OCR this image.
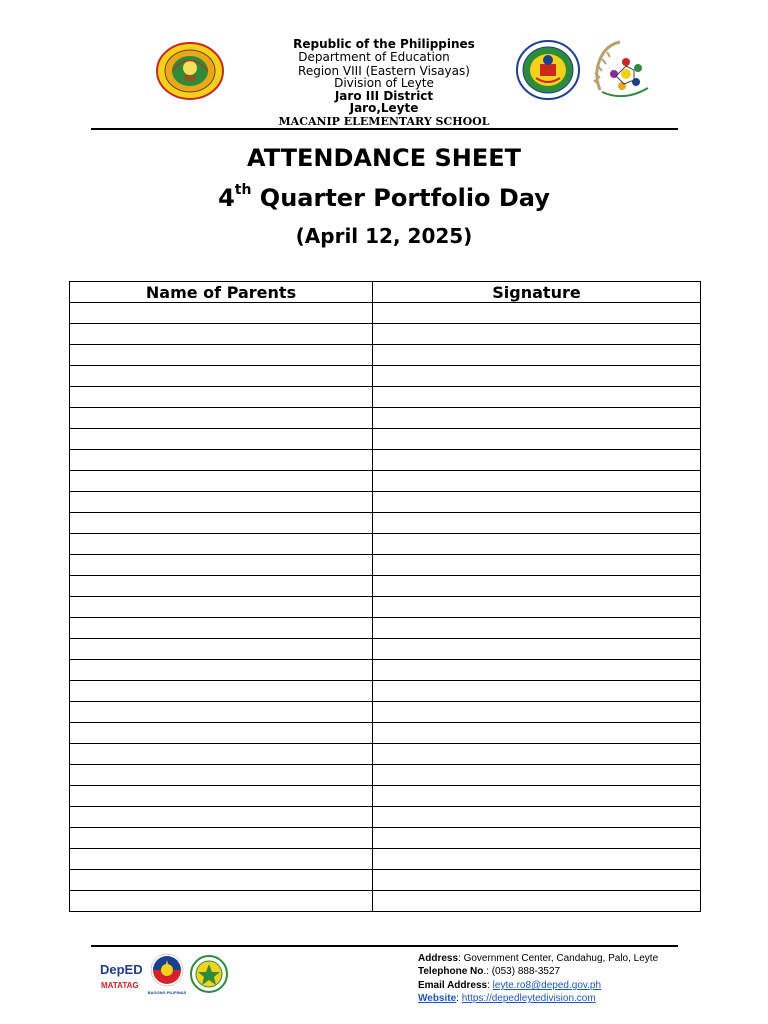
Republic of the Philippines
Department of Education
Region VIII (Eastern Visayas)
Division of Leyte
Jaro III District
Jaro,Leyte
MACANIP ELEMENTARY SCHOOL
ATTENDANCE SHEET
4th Quarter Portfolio Day
(April 12, 2025)
Name of Parents	Signature

DepED
MATATAG
BAGONG PILIPINAS
Address: Government Center, Candahug, Palo, Leyte
Telephone No.: (053) 888-3527
Email Address: leyte.ro8@deped.gov.ph
Website: https://depedleytedivision.com
